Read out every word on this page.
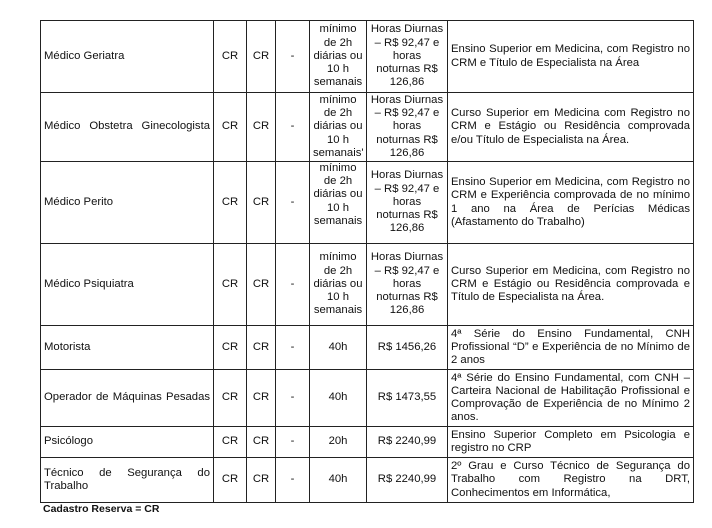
Médico Geriatra	CR	CR	-	mínimo de 2h diárias ou 10 h semanais	Horas Diurnas – R$ 92,47 e horas noturnas R$ 126,86	Ensino Superior em Medicina, com Registro no CRM e Título de Especialista na Área
Médico Obstetra Ginecologista	CR	CR	-	mínimo de 2h diárias ou 10 h semanais'	Horas Diurnas – R$ 92,47 e horas noturnas R$ 126,86	Curso Superior em Medicina com Registro no CRM e Estágio ou Residência comprovada e/ou Título de Especialista na Área.
Médico Perito	CR	CR	-	mínimo de 2h diárias ou 10 h semanais	Horas Diurnas – R$ 92,47 e horas noturnas R$ 126,86	Ensino Superior em Medicina, com Registro no CRM e Experiência comprovada de no mínimo 1 ano na Área de Perícias Médicas (Afastamento do Trabalho)
Médico Psiquiatra	CR	CR	-	mínimo de 2h diárias ou 10 h semanais	Horas Diurnas – R$ 92,47 e horas noturnas R$ 126,86	Curso Superior em Medicina, com Registro no CRM e Estágio ou Residência comprovada e Título de Especialista na Área.
Motorista	CR	CR	-	40h	R$ 1456,26	4ª Série do Ensino Fundamental, CNH Profissional “D” e Experiência de no Mínimo de 2 anos
Operador de Máquinas Pesadas	CR	CR	-	40h	R$ 1473,55	4ª Série do Ensino Fundamental, com CNH – Carteira Nacional de Habilitação Profissional e Comprovação de Experiência de no Mínimo 2 anos.
Psicólogo	CR	CR	-	20h	R$ 2240,99	Ensino Superior Completo em Psicologia e registro no CRP
Técnico de Segurança do Trabalho	CR	CR	-	40h	R$ 2240,99	2º Grau e Curso Técnico de Segurança do Trabalho com Registro na DRT, Conhecimentos em Informática,
Cadastro Reserva = CR
